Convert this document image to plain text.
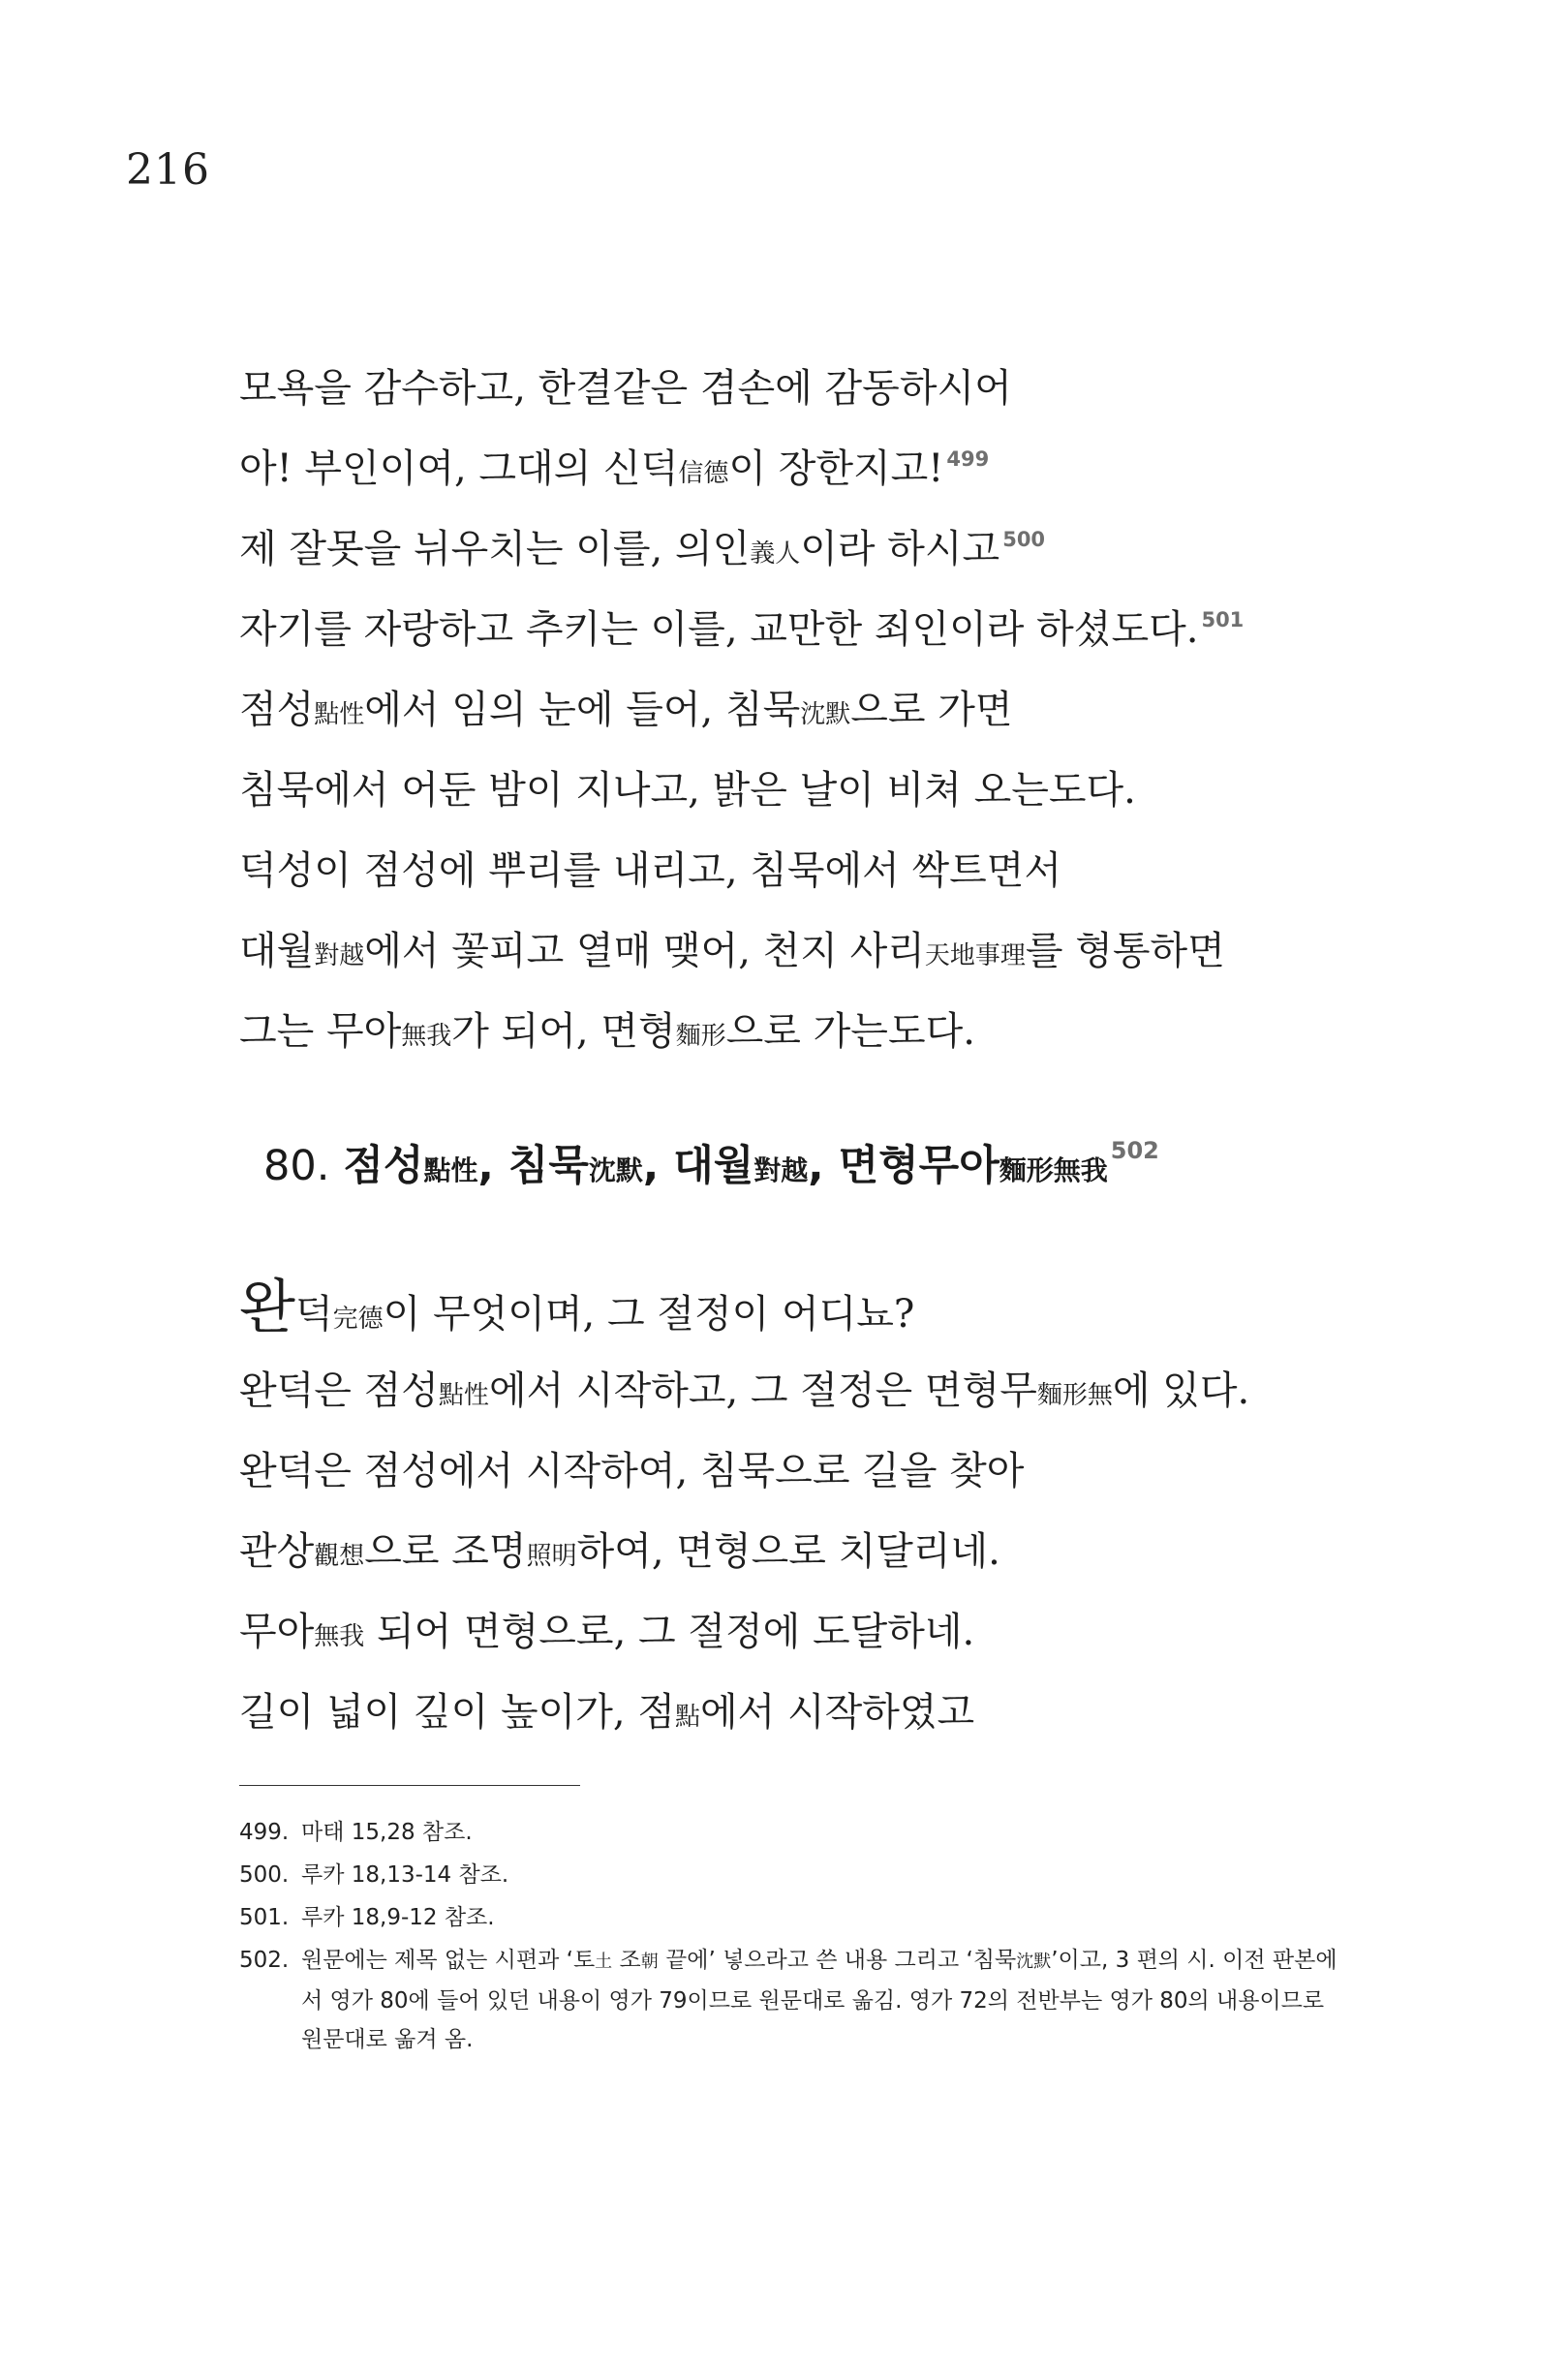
216
모욕을 감수하고, 한결같은 겸손에 감동하시어
아! 부인이여, 그대의 신덕信德이 장한지고! $^{499}$
제 잘못을 뉘우치는 이를, 의인義人이라 하시고 $^{500}$
자기를 자랑하고 추키는 이를, 교만한 죄인이라 하셨도다. $^{501}$
점성點性에서 임의 눈에 들어, 침묵沈默으로 가면
침묵에서 어둔 밤이 지나고, 밝은 날이 비쳐 오는도다.
덕성이 점성에 뿌리를 내리고, 침묵에서 싹트면서
대월對越에서 꽃피고 열매 맺어, 천지 사리天地事理를 형통하면
그는 무아無我가 되어, 면형麵形으로 가는도다.
80. 점성點性, 침묵沈默, 대월對越, 면형무아麵形無我$^{502}$
완덕完德이 무엇이며, 그 절정이 어디뇨?
완덕은 점성點性에서 시작하고, 그 절정은 면형무麵形無에 있다.
완덕은 점성에서 시작하여, 침묵으로 길을 찾아
관상觀想으로 조명照明하여, 면형으로 치달리네.
무아無我 되어 면형으로, 그 절정에 도달하네.
길이 넓이 깊이 높이가, 점點에서 시작하였고
499. 마태 15,28 참조.
500. 루카 18,13-14 참조.
501. 루카 18,9-12 참조.
502. 원문에는 제목 없는 시편과 ‘토土 조朝 끝에’ 넣으라고 쓴 내용 그리고 ‘침묵沈默’이고, 3 편의 시. 이전 판본에서 영가 80에 들어 있던 내용이 영가 79이므로 원문대로 옮김. 영가 72의 전반부는 영가 80의 내용이므로 원문대로 옮겨 옴.
